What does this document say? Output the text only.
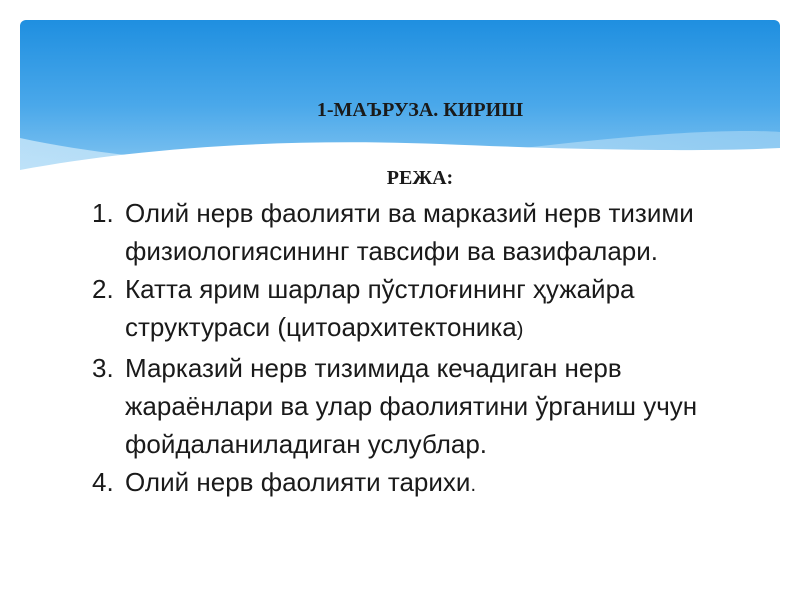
1-МАЪРУЗА. КИРИШ
РЕЖА:
1. Олий нерв фаолияти ва марказий нерв тизими физиологиясининг тавсифи ва вазифалари.
2. Катта ярим шарлар пўстлоғининг ҳужайра структураси (цитоархитектоника)
3. Марказий нерв тизимида кечадиган нерв жараёнлари ва улар фаолиятини ўрганиш учун фойдаланиладиган услублар.
4. Олий нерв фаолияти тарихи.
